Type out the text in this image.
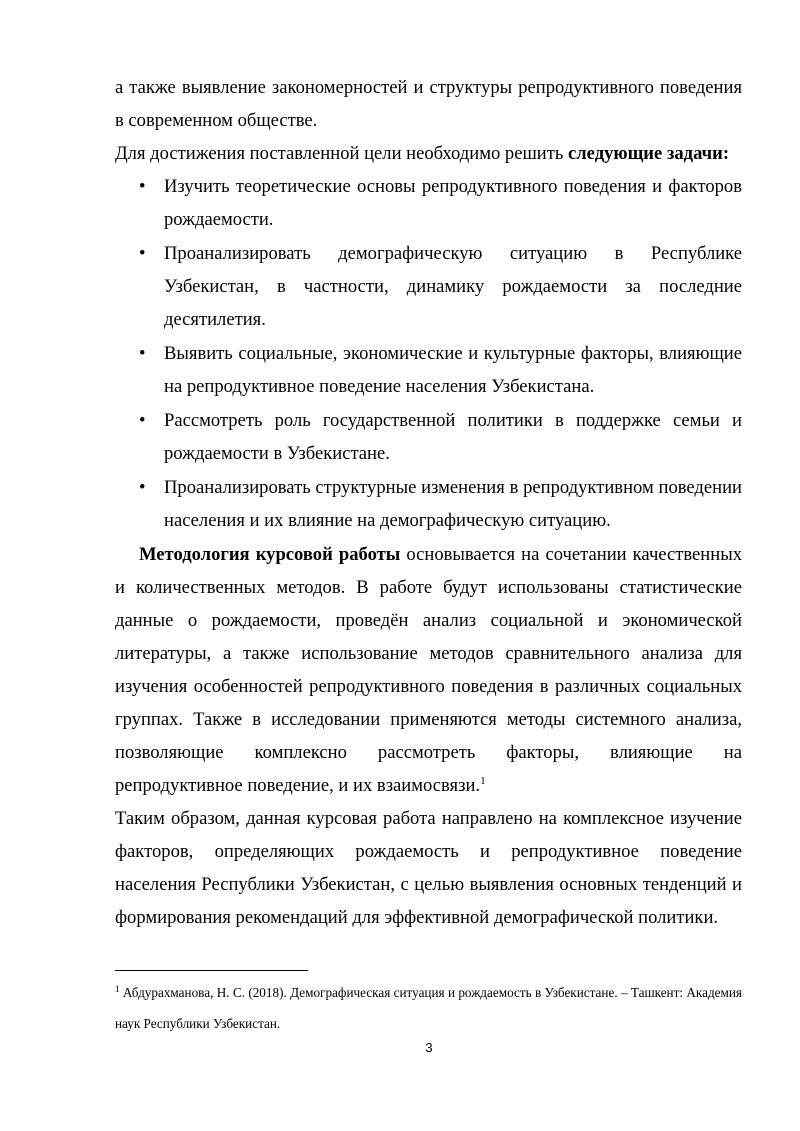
а также выявление закономерностей и структуры репродуктивного поведения

в современном обществе.

Для достижения поставленной цели необходимо решить следующие задачи:

• Изучить теоретические основы репродуктивного поведения и факторов рождаемости.
• Проанализировать демографическую ситуацию в Республике Узбекистан, в частности, динамику рождаемости за последние десятилетия.
• Выявить социальные, экономические и культурные факторы, влияющие на репродуктивное поведение населения Узбекистана.
• Рассмотреть роль государственной политики в поддержке семьи и рождаемости в Узбекистане.
• Проанализировать структурные изменения в репродуктивном поведении населения и их влияние на демографическую ситуацию.

Методология курсовой работы основывается на сочетании качественных и количественных методов. В работе будут использованы статистические данные о рождаемости, проведён анализ социальной и экономической литературы, а также использование методов сравнительного анализа для изучения особенностей репродуктивного поведения в различных социальных группах. Также в исследовании применяются методы системного анализа, позволяющие комплексно рассмотреть факторы, влияющие на репродуктивное поведение, и их взаимосвязи.$^1$

Таким образом, данная курсовая работа направлено на комплексное изучение факторов, определяющих рождаемость и репродуктивное поведение населения Республики Узбекистан, с целью выявления основных тенденций и формирования рекомендаций для эффективной демографической политики.

$^1$ Абдурахманова, Н. С. (2018). Демографическая ситуация и рождаемость в Узбекистане. – Ташкент: Академия наук Республики Узбекистан.
3
